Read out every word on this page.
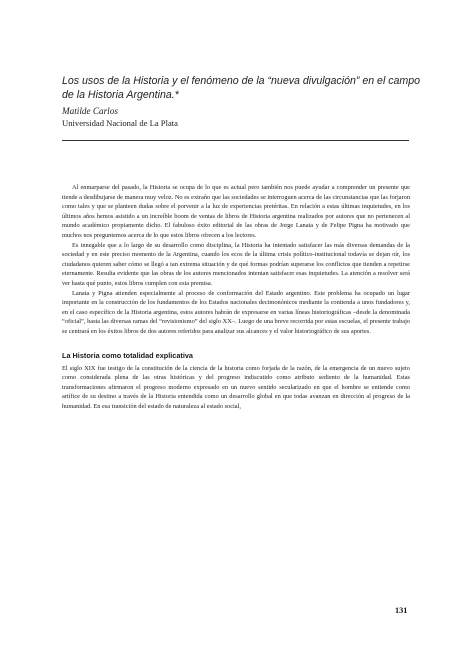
Los usos de la Historia y el fenómeno de la “nueva divulgación” en el campo de la Historia Argentina.*
Matilde Carlos
Universidad Nacional de La Plata

Al enmarparse del pasado, la Historia se ocupa de lo que es actual pero también nos puede ayudar a comprender un presente que tiende a desdibujarse de manera muy veloz. No es extraño que las sociedades se interroguen acerca de las circunstancias que las forjaron como tales y que se planteen dudas sobre el porvenir a la luz de experiencias pretéritas. En relación a estas últimas inquietudes, en los últimos años hemos asistido a un increíble boom de ventas de libros de Historia argentina realizados por autores que no pertenecen al mundo académico propiamente dicho. El fabuloso éxito editorial de las obras de Jorge Lanata y de Felipe Pigna ha motivado que muchos nos preguntemos acerca de lo que estos libros ofrecen a los lectores.

Es innegable que a lo largo de su desarrollo como disciplina, la Historia ha intentado satisfacer las más diversas demandas de la sociedad y en este preciso momento de la Argentina, cuando los ecos de la última crisis político-institucional todavía se dejan oír, los ciudadanos quieren saber cómo se llegó a tan extrema situación y de qué formas podrían superarse los conflictos que tienden a repetirse eternamente. Resulta evidente que las obras de los autores mencionados intentan satisfacer esas inquietudes. La atención a resolver será ver hasta qué punto, estos libros cumplen con esta premisa.

Lanata y Pigna atienden especialmente al proceso de conformación del Estado argentino. Este problema ha ocupado un lugar importante en la construcción de los fundamentos de los Estados nacionales decimonónicos mediante la contienda a unos fundadores y, en el caso específico de la Historia argentina, estos autores habrán de expresarse en varias líneas historiográficas –desde la denominada “oficial”, hasta las diversas ramas del “revisionismo” del siglo XX–. Luego de una breve recorrida por estas escuelas, el presente trabajo se centrará en los éxitos libros de dos autores referidos para analizar sus alcances y el valor historiográfico de sus aportes.

La Historia como totalidad explicativa

El siglo XIX fue testigo de la constitución de la ciencia de la historia como forjada de la razón, de la emergencia de un nuevo sujeto como considerada plena de las otras históricas y del progreso indiscutido como atributo sediento de la humanidad. Estas transformaciones afirmaron el progreso moderno expresado en un nuevo sentido secularizado en que el hombre se entiende como artífice de su destino a través de la Historia entendida como un desarrollo global en que todas avanzan en dirección al progreso de la humanidad. En esa transición del estado de naturaleza al estado social,

131
